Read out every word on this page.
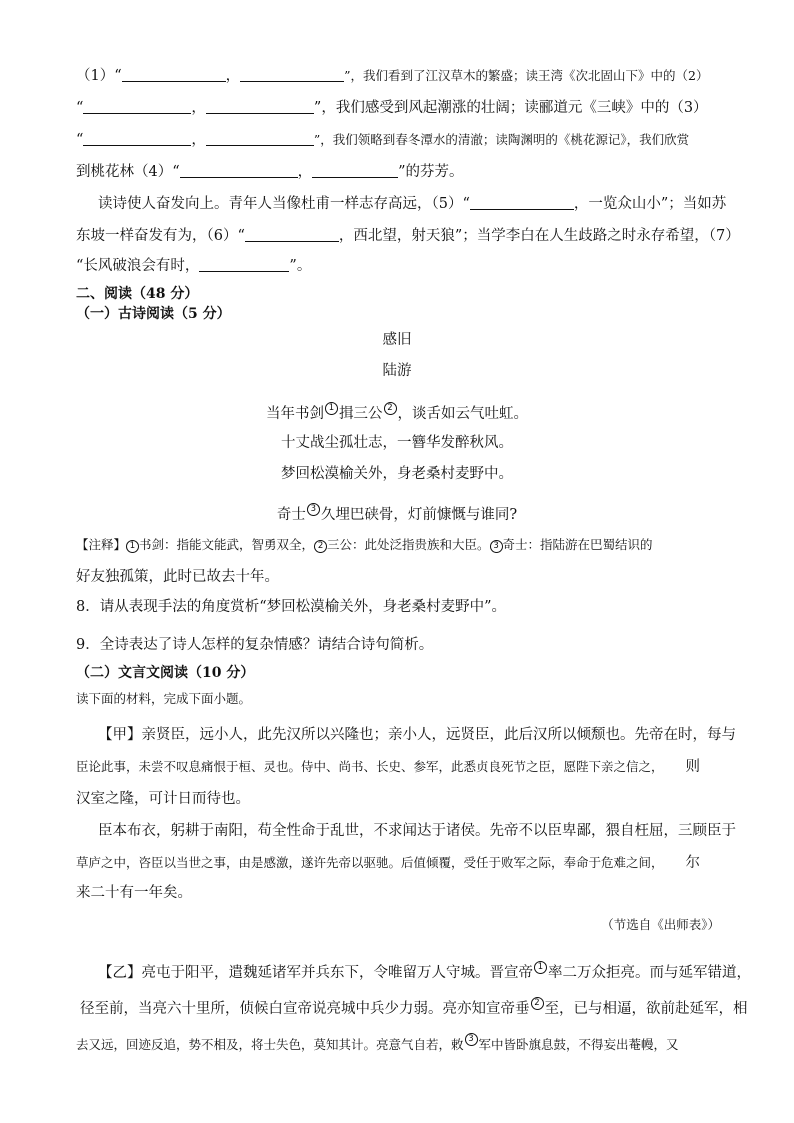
（1）“	，	”，我们看到了江汉草木的繁盛；读王湾《次北固山下》中的（2）
“	，	”，我们感受到风起潮涨的壮阔；读郦道元《三峡》中的（3）
“	，	”，我们领略到春冬潭水的清澈；读陶渊明的《桃花源记》，我们欣赏
到桃花林（4）“	，	”的芬芳。
读诗使人奋发向上。青年人当像杜甫一样志存高远，（5）“	，一览众山小”；当如苏
东坡一样奋发有为，（6）“	，西北望，射天狼”；当学李白在人生歧路之时永存希望，（7）
“长风破浪会有时，	”。
二、阅读（48 分）
（一）古诗阅读（5 分）
感旧
陆游
当年书剑 1 揖三公 2 ，谈舌如云气吐虹。
十丈战尘孤壮志，一簪华发醉秋风。
梦回松漠榆关外，身老桑村麦野中。
奇士 3 久埋巴硖骨，灯前慷慨与谁同?
【注释】 1 书剑：指能文能武，智勇双全， 2 三公：此处泛指贵族和大臣。 3 奇士：指陆游在巴蜀结识的
好友独孤策，此时已故去十年。
8．请从表现手法的角度赏析“梦回松漠榆关外，身老桑村麦野中”。
9．全诗表达了诗人怎样的复杂情感？请结合诗句简析。
（二）文言文阅读（10 分）
读下面的材料，完成下面小题。
【甲】亲贤臣，远小人，此先汉所以兴隆也；亲小人，远贤臣，此后汉所以倾颓也。先帝在时，每与
臣论此事，未尝不叹息痛恨于桓、灵也。侍中、尚书、长史、参军，此悉贞良死节之臣，愿陛下亲之信之， 则
汉室之隆，可计日而待也。
臣本布衣，躬耕于南阳，苟全性命于乱世，不求闻达于诸侯。先帝不以臣卑鄙，猥自枉屈，三顾臣于
草庐之中，咨臣以当世之事，由是感激，遂许先帝以驱驰。后值倾覆，受任于败军之际，奉命于危难之间， 尔
来二十有一年矣。
（节选自《出师表》）
【乙】亮屯于阳平，遣魏延诸军并兵东下，令唯留万人守城。晋宣帝 1 率二万众拒亮。而与延军错道，
径至前，当亮六十里所，侦候白宣帝说亮城中兵少力弱。亮亦知宣帝垂 2 至，已与相逼，欲前赴延军，相
去又远，回迹反追，势不相及，将士失色，莫知其计。亮意气自若，敕 3 军中皆卧旗息鼓，不得妄出菴幔，又
